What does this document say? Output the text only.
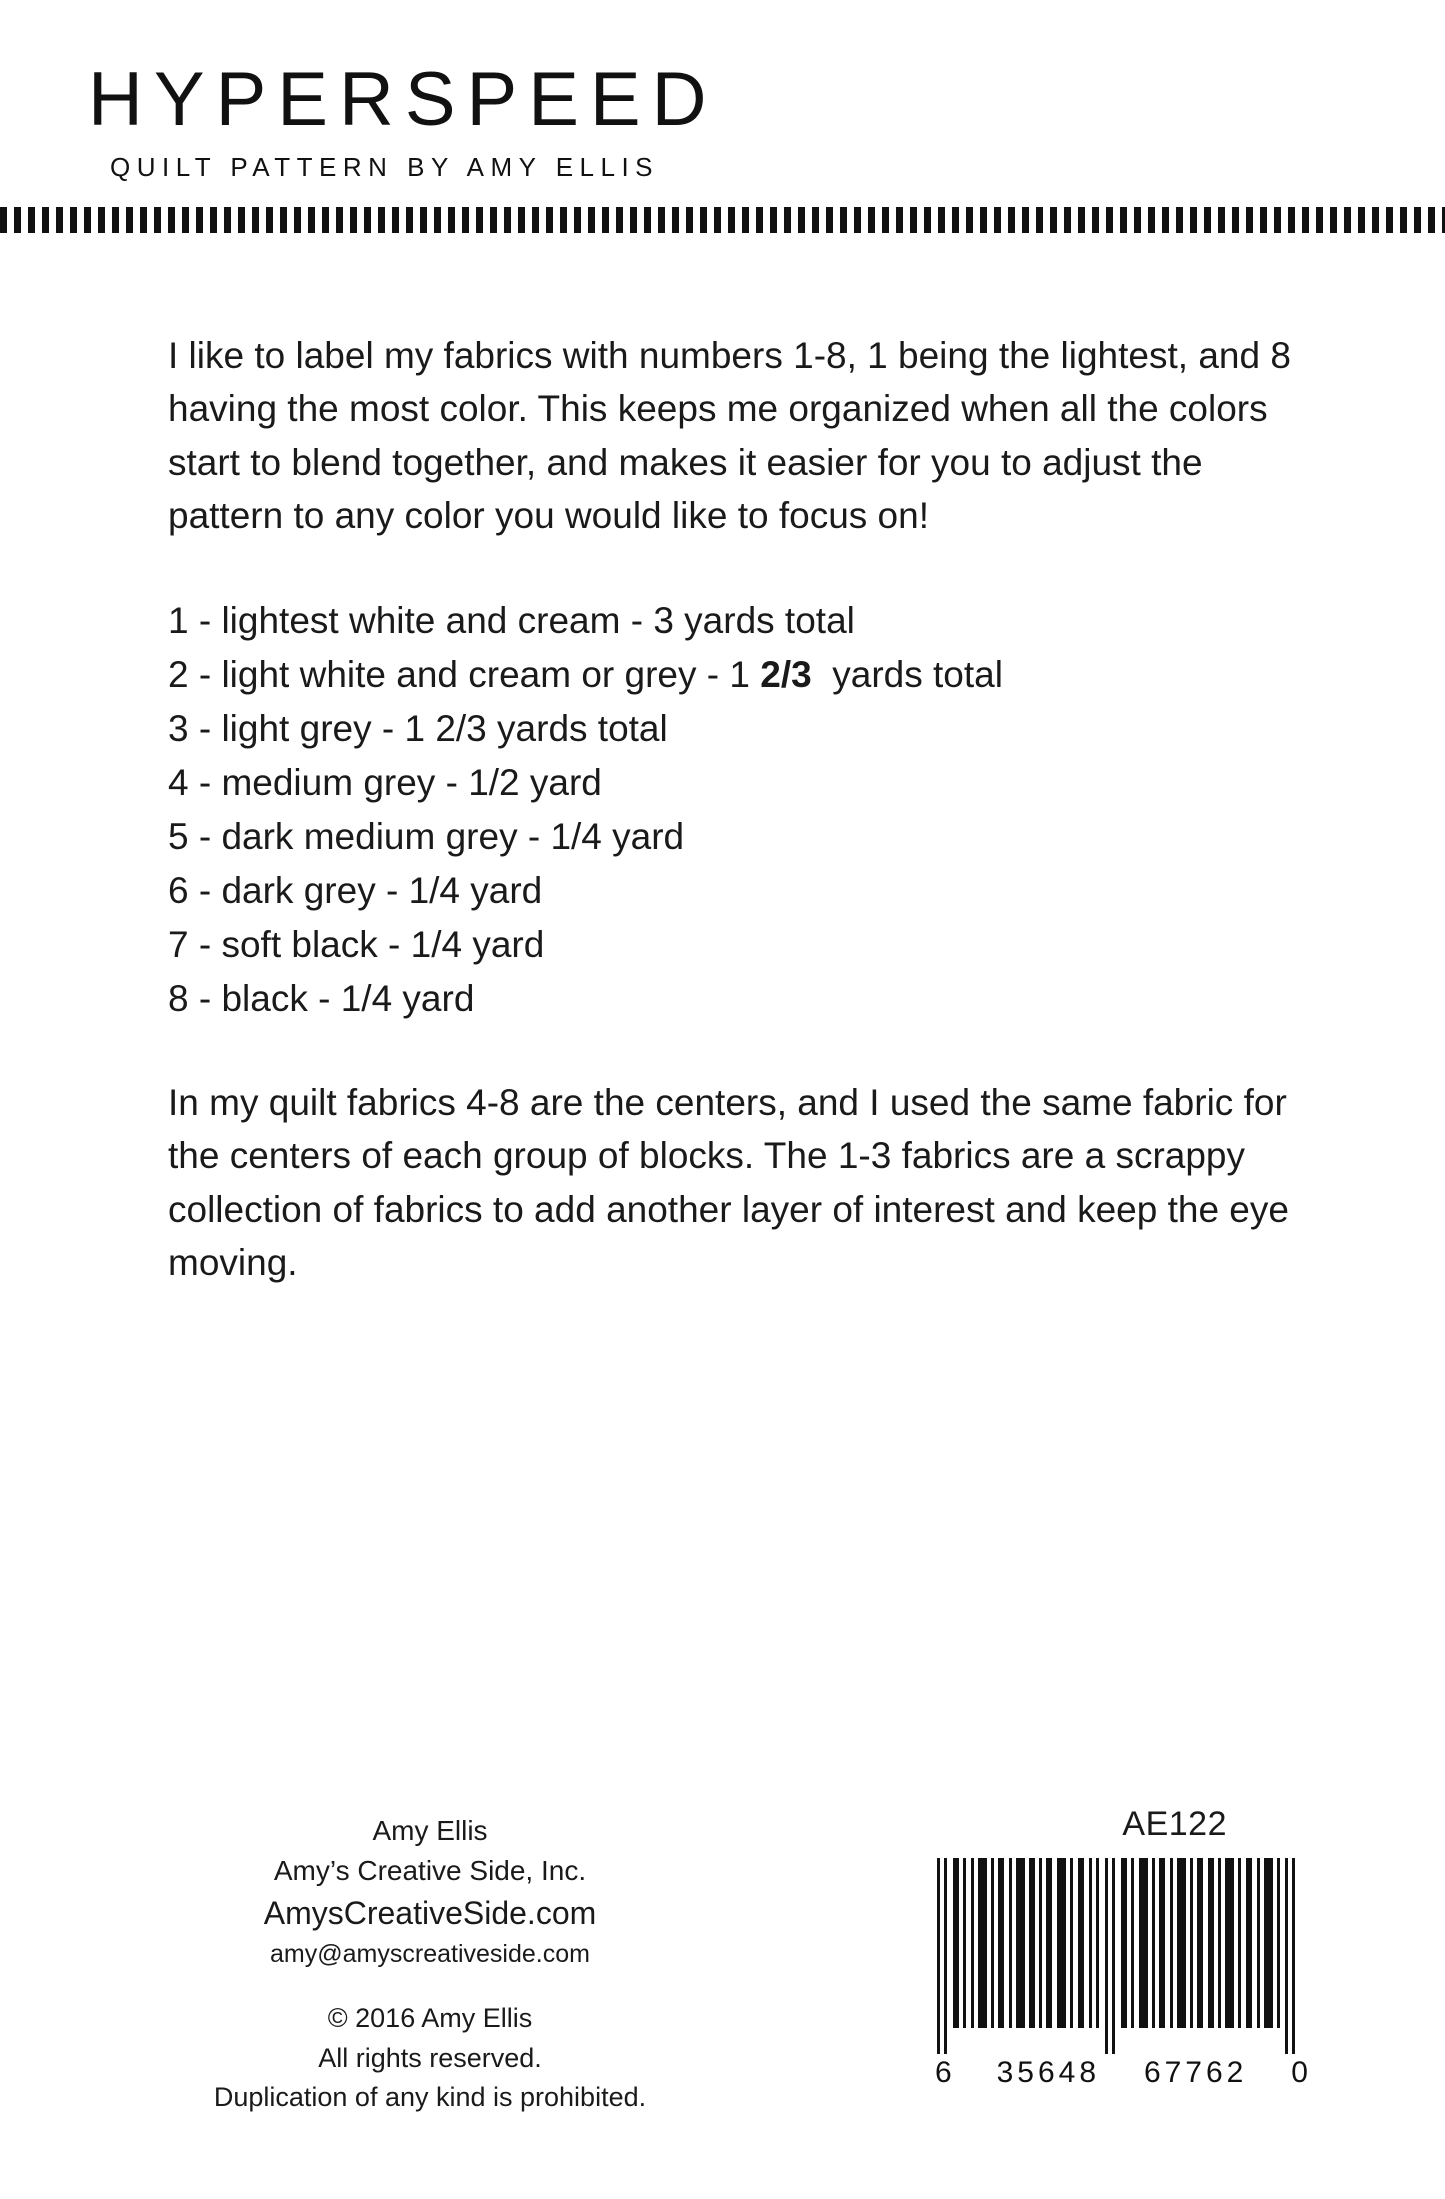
HYPERSPEED
QUILT PATTERN BY AMY ELLIS

I like to label my fabrics with numbers 1-8, 1 being the lightest, and 8 having the most color. This keeps me organized when all the colors start to blend together, and makes it easier for you to adjust the pattern to any color you would like to focus on!

1 - lightest white and cream - 3 yards total
2 - light white and cream or grey - 1 2/3  yards total
3 - light grey - 1 2/3 yards total
4 - medium grey - 1/2 yard
5 - dark medium grey - 1/4 yard
6 - dark grey - 1/4 yard
7 - soft black - 1/4 yard
8 - black - 1/4 yard

In my quilt fabrics 4-8 are the centers, and I used the same fabric for the centers of each group of blocks. The 1-3 fabrics are a scrappy collection of fabrics to add another layer of interest and keep the eye moving.

Amy Ellis
Amy’s Creative Side, Inc.
AmysCreativeSide.com
amy@amyscreativeside.com
© 2016 Amy Ellis
All rights reserved.
Duplication of any kind is prohibited.
AE122
6 35648 67762 0
